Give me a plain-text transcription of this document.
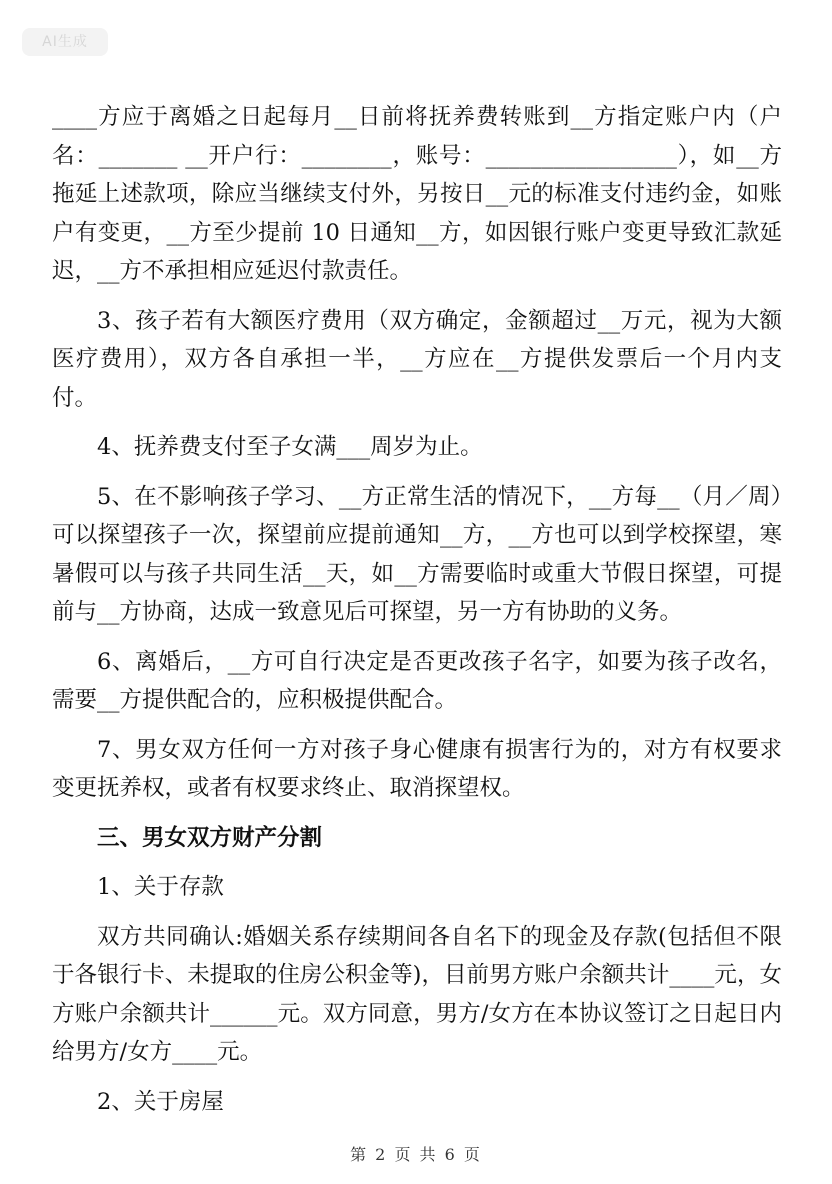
AI生成

____方应于离婚之日起每月__日前将抚养费转账到__方指定账户内（户名：_______ __开户行：________，账号：_________________），如__方拖延上述款项，除应当继续支付外，另按日__元的标准支付违约金，如账户有变更，__方至少提前 10 日通知__方，如因银行账户变更导致汇款延迟，__方不承担相应延迟付款责任。

3、孩子若有大额医疗费用（双方确定，金额超过__万元，视为大额医疗费用），双方各自承担一半，__方应在__方提供发票后一个月内支付。

4、抚养费支付至子女满___周岁为止。

5、在不影响孩子学习、__方正常生活的情况下，__方每__（月／周）可以探望孩子一次，探望前应提前通知__方，__方也可以到学校探望，寒暑假可以与孩子共同生活__天，如__方需要临时或重大节假日探望，可提前与__方协商，达成一致意见后可探望，另一方有协助的义务。

6、离婚后，__方可自行决定是否更改孩子名字，如要为孩子改名，需要__方提供配合的，应积极提供配合。

7、男女双方任何一方对孩子身心健康有损害行为的，对方有权要求变更抚养权，或者有权要求终止、取消探望权。

三、男女双方财产分割

1、关于存款

双方共同确认:婚姻关系存续期间各自名下的现金及存款(包括但不限于各银行卡、未提取的住房公积金等)，目前男方账户余额共计____元，女方账户余额共计______元。双方同意，男方/女方在本协议签订之日起日内给男方/女方____元。

2、关于房屋

第 2 页 共 6 页
